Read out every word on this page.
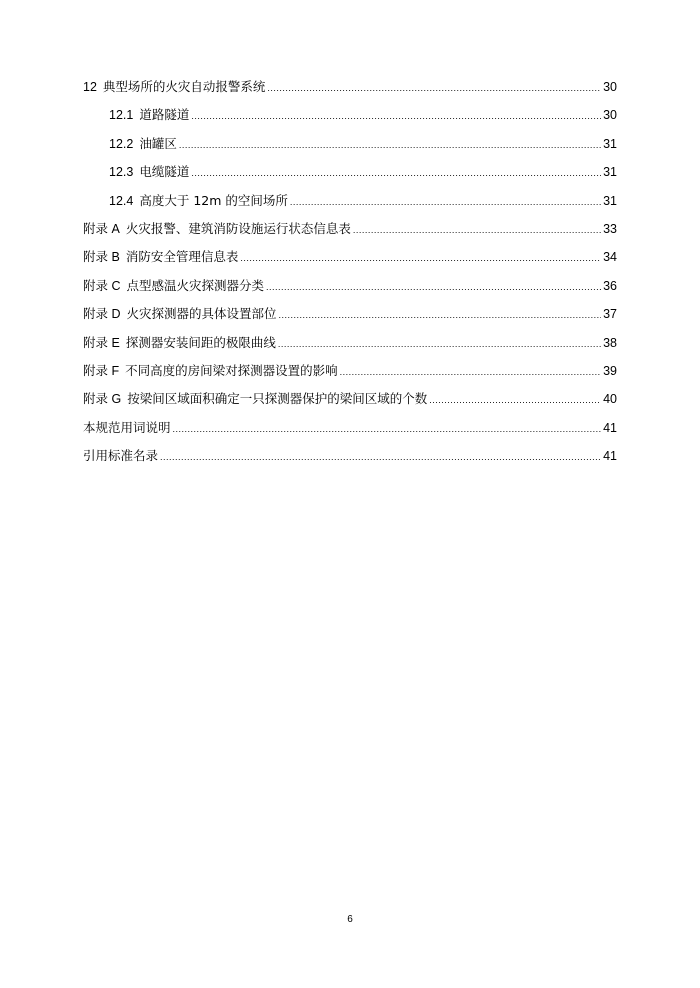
12 典型场所的火灾自动报警系统 .....	30
12.1 道路隧道 .....	30
12.2 油罐区 .....	31
12.3 电缆隧道 .....	31
12.4 高度大于 12m 的空间场所 .....	31
附录 A 火灾报警、建筑消防设施运行状态信息表 .....	33
附录 B 消防安全管理信息表 .....	34
附录 C 点型感温火灾探测器分类 .....	36
附录 D 火灾探测器的具体设置部位 .....	37
附录 E 探测器安装间距的极限曲线 .....	38
附录 F 不同高度的房间梁对探测器设置的影响 .....	39
附录 G 按梁间区域面积确定一只探测器保护的梁间区域的个数 .....	40
本规范用词说明 .....	41
引用标准名录 .....	41
6
